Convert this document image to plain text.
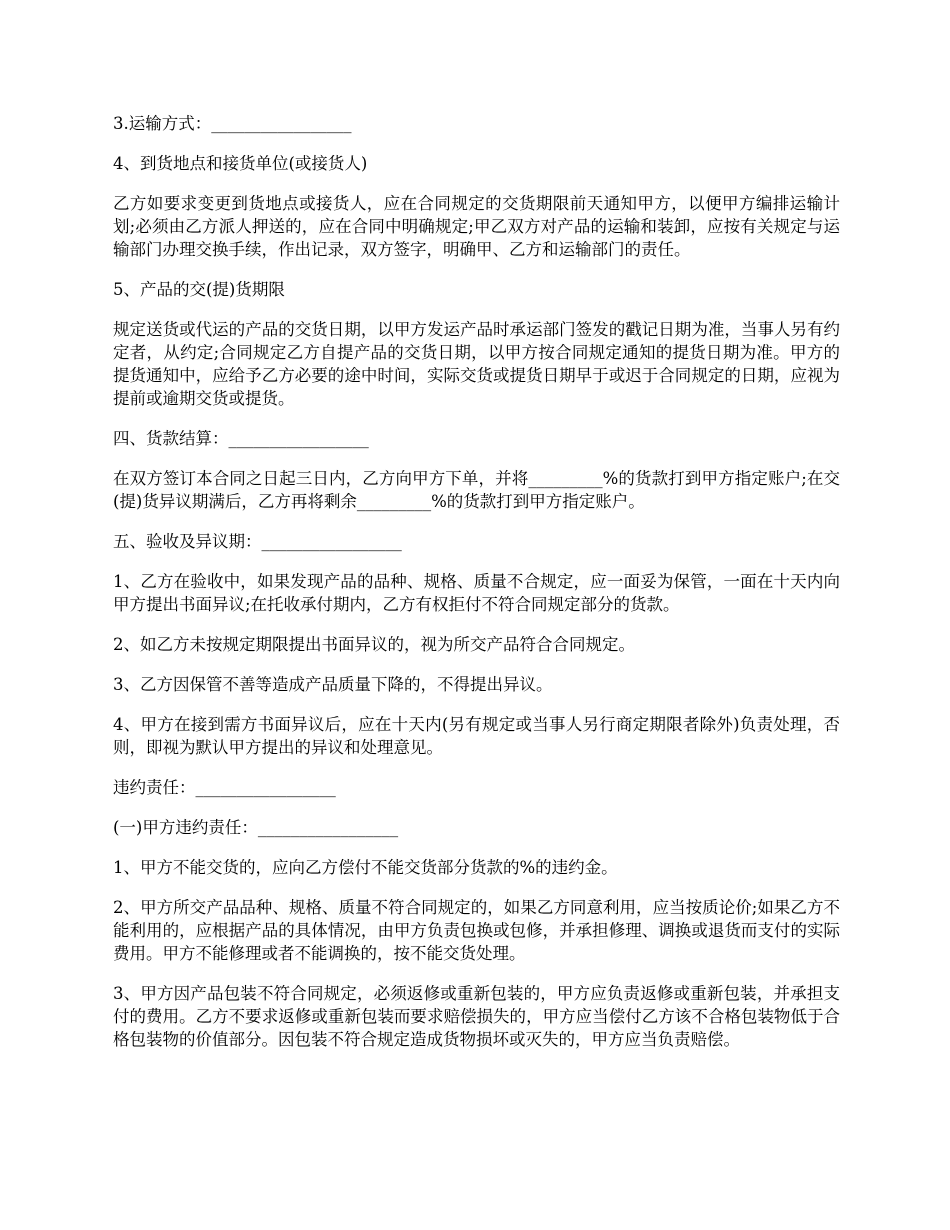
3.运输方式：_________________

4、到货地点和接货单位(或接货人)

乙方如要求变更到货地点或接货人，应在合同规定的交货期限前天通知甲方，以便甲方编排运输计划;必须由乙方派人押送的，应在合同中明确规定;甲乙双方对产品的运输和装卸，应按有关规定与运输部门办理交换手续，作出记录，双方签字，明确甲、乙方和运输部门的责任。

5、产品的交(提)货期限

规定送货或代运的产品的交货日期，以甲方发运产品时承运部门签发的戳记日期为准，当事人另有约定者，从约定;合同规定乙方自提产品的交货日期，以甲方按合同规定通知的提货日期为准。甲方的提货通知中，应给予乙方必要的途中时间，实际交货或提货日期早于或迟于合同规定的日期，应视为提前或逾期交货或提货。

四、货款结算：_________________

在双方签订本合同之日起三日内，乙方向甲方下单，并将_________%的货款打到甲方指定账户;在交(提)货异议期满后，乙方再将剩余_________%的货款打到甲方指定账户。

五、验收及异议期：_________________

1、乙方在验收中，如果发现产品的品种、规格、质量不合规定，应一面妥为保管，一面在十天内向甲方提出书面异议;在托收承付期内，乙方有权拒付不符合同规定部分的货款。

2、如乙方未按规定期限提出书面异议的，视为所交产品符合合同规定。

3、乙方因保管不善等造成产品质量下降的，不得提出异议。

4、甲方在接到需方书面异议后，应在十天内(另有规定或当事人另行商定期限者除外)负责处理，否则，即视为默认甲方提出的异议和处理意见。

违约责任：_________________

(一)甲方违约责任：_________________

1、甲方不能交货的，应向乙方偿付不能交货部分货款的%的违约金。

2、甲方所交产品品种、规格、质量不符合同规定的，如果乙方同意利用，应当按质论价;如果乙方不能利用的，应根据产品的具体情况，由甲方负责包换或包修，并承担修理、调换或退货而支付的实际费用。甲方不能修理或者不能调换的，按不能交货处理。

3、甲方因产品包装不符合同规定，必须返修或重新包装的，甲方应负责返修或重新包装，并承担支付的费用。乙方不要求返修或重新包装而要求赔偿损失的，甲方应当偿付乙方该不合格包装物低于合格包装物的价值部分。因包装不符合规定造成货物损坏或灭失的，甲方应当负责赔偿。
